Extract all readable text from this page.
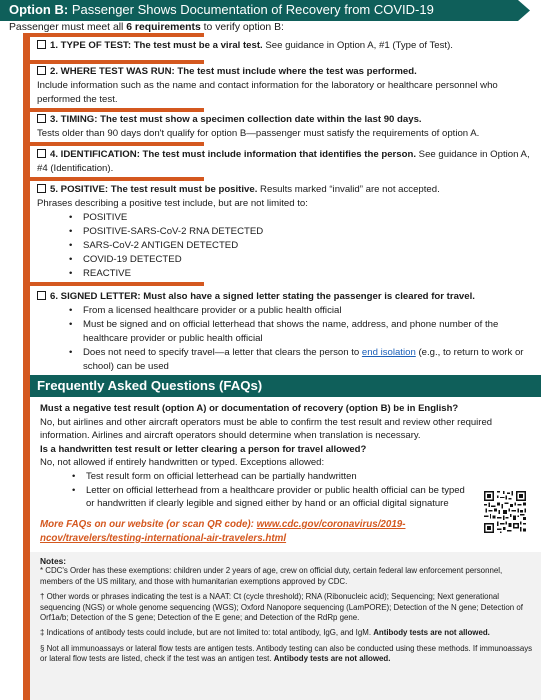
Option B: Passenger Shows Documentation of Recovery from COVID-19
Passenger must meet all 6 requirements to verify option B:
1. TYPE OF TEST: The test must be a viral test. See guidance in Option A, #1 (Type of Test).
2. WHERE TEST WAS RUN: The test must include where the test was performed.
Include information such as the name and contact information for the laboratory or healthcare personnel who performed the test.
3. TIMING: The test must show a specimen collection date within the last 90 days.
Tests older than 90 days don't qualify for option B—passenger must satisfy the requirements of option A.
4. IDENTIFICATION: The test must include information that identifies the person. See guidance in Option A, #4 (Identification).
5. POSITIVE: The test result must be positive. Results marked “invalid” are not accepted.
Phrases describing a positive test include, but are not limited to:
• POSITIVE
• POSITIVE-SARS-CoV-2 RNA DETECTED
• SARS-CoV-2 ANTIGEN DETECTED
• COVID-19 DETECTED
• REACTIVE
6. SIGNED LETTER: Must also have a signed letter stating the passenger is cleared for travel.
• From a licensed healthcare provider or a public health official
• Must be signed and on official letterhead that shows the name, address, and phone number of the healthcare provider or public health official
• Does not need to specify travel—a letter that clears the person to end isolation (e.g., to return to work or school) can be used
Frequently Asked Questions (FAQs)
Must a negative test result (option A) or documentation of recovery (option B) be in English?
No, but airlines and other aircraft operators must be able to confirm the test result and review other required information. Airlines and aircraft operators should determine when translation is necessary.
Is a handwritten test result or letter clearing a person for travel allowed?
No, not allowed if entirely handwritten or typed. Exceptions allowed:
• Test result form on official letterhead can be partially handwritten
• Letter on official letterhead from a healthcare provider or public health official can be typed or handwritten if clearly legible and signed either by hand or an official digital signature
More FAQs on our website (or scan QR code): www.cdc.gov/coronavirus/2019-ncov/travelers/testing-international-air-travelers.html
Notes:

* CDC's Order has these exemptions: children under 2 years of age, crew on official duty, certain federal law enforcement personnel, members of the US military, and those with humanitarian exemptions approved by CDC.

† Other words or phrases indicating the test is a NAAT: Ct (cycle threshold); RNA (Ribonucleic acid); Sequencing; Next generational sequencing (NGS) or whole genome sequencing (WGS); Oxford Nanopore sequencing (LamPORE); Detection of the N gene; Detection of Orf1a/b; Detection of the S gene; Detection of the E gene; and Detection of the RdRp gene.

‡ Indications of antibody tests could include, but are not limited to: total antibody, IgG, and IgM. Antibody tests are not allowed.

§ Not all immunoassays or lateral flow tests are antigen tests. Antibody testing can also be conducted using these methods. If immunoassays or lateral flow tests are listed, check if the test was an antigen test. Antibody tests are not allowed.
